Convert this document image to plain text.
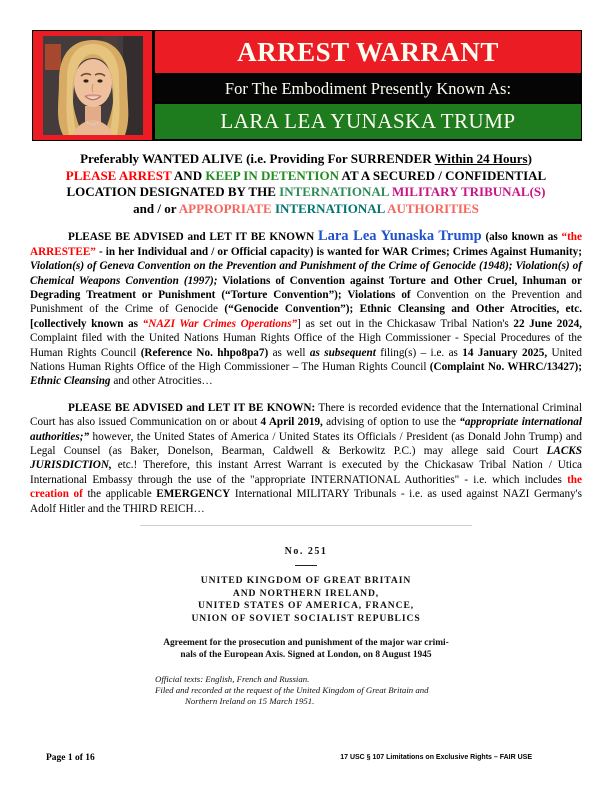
ARREST WARRANT
For The Embodiment Presently Known As:
LARA LEA YUNASKA TRUMP
Preferably WANTED ALIVE (i.e. Providing For SURRENDER Within 24 Hours)
PLEASE ARREST AND KEEP IN DETENTION AT A SECURED / CONFIDENTIAL
LOCATION DESIGNATED BY THE INTERNATIONAL MILITARY TRIBUNAL(S)
and / or APPROPRIATE INTERNATIONAL AUTHORITIES

PLEASE BE ADVISED and LET IT BE KNOWN Lara Lea Yunaska Trump (also known as “the ARRESTEE” - in her Individual and / or Official capacity) is wanted for WAR Crimes; Crimes Against Humanity; Violation(s) of Geneva Convention on the Prevention and Punishment of the Crime of Genocide (1948); Violation(s) of Chemical Weapons Convention (1997); Violations of Convention against Torture and Other Cruel, Inhuman or Degrading Treatment or Punishment (“Torture Convention”); Violations of Convention on the Prevention and Punishment of the Crime of Genocide (“Genocide Convention”); Ethnic Cleansing and Other Atrocities, etc. [collectively known as “NAZI War Crimes Operations”] as set out in the Chickasaw Tribal Nation's 22 June 2024, Complaint filed with the United Nations Human Rights Office of the High Commissioner - Special Procedures of the Human Rights Council (Reference No. hhpo8pa7) as well as subsequent filing(s) – i.e. as 14 January 2025, United Nations Human Rights Office of the High Commissioner – The Human Rights Council (Complaint No. WHRC/13427); Ethnic Cleansing and other Atrocities…

PLEASE BE ADVISED and LET IT BE KNOWN: There is recorded evidence that the International Criminal Court has also issued Communication on or about 4 April 2019, advising of option to use the “appropriate international authorities;” however, the United States of America / United States its Officials / President (as Donald John Trump) and Legal Counsel (as Baker, Donelson, Bearman, Caldwell & Berkowitz P.C.) may allege said Court LACKS JURISDICTION, etc.! Therefore, this instant Arrest Warrant is executed by the Chickasaw Tribal Nation / Utica International Embassy through the use of the "appropriate INTERNATIONAL Authorities" - i.e. which includes the creation of the applicable EMERGENCY International MILITARY Tribunals - i.e. as used against NAZI Germany's Adolf Hitler and the THIRD REICH…

No. 251
UNITED KINGDOM OF GREAT BRITAIN
AND NORTHERN IRELAND,
UNITED STATES OF AMERICA, FRANCE,
UNION OF SOVIET SOCIALIST REPUBLICS
Agreement for the prosecution and punishment of the major war crimi-
nals of the European Axis. Signed at London, on 8 August 1945
Official texts: English, French and Russian.
Filed and recorded at the request of the United Kingdom of Great Britain and Northern Ireland on 15 March 1951.
Page 1 of 16	17 USC § 107 Limitations on Exclusive Rights – FAIR USE
